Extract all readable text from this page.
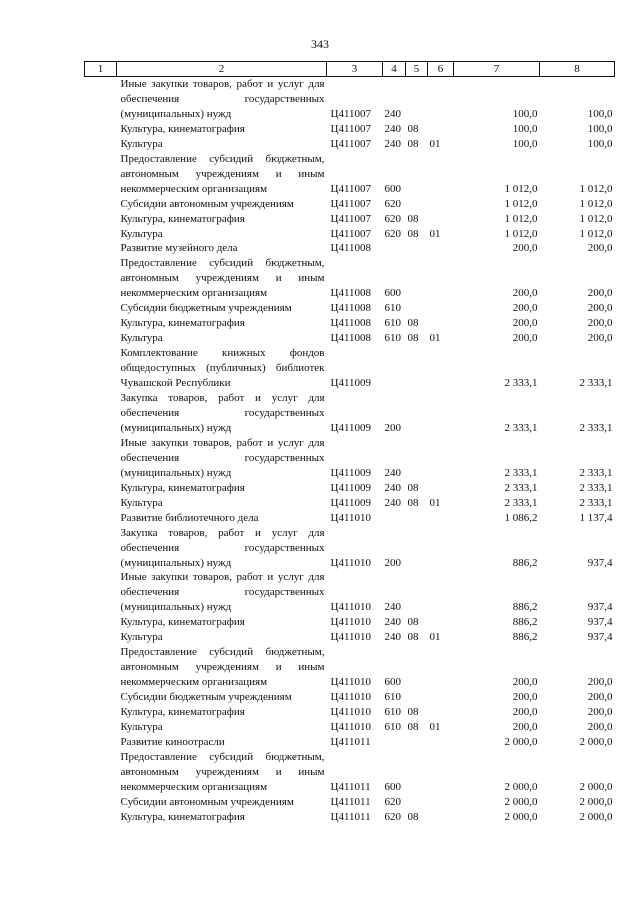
343
1	2	3	4	5	6	7	8
	Иные закупки товаров, работ и услуг для обеспечения государственных (муниципальных) нужд	Ц411007	240			100,0	100,0
	Культура, кинематография	Ц411007	240	08		100,0	100,0
	Культура	Ц411007	240	08	01	100,0	100,0
	Предоставление субсидий бюджетным, автономным учреждениям и иным некоммерческим организациям	Ц411007	600			1 012,0	1 012,0
	Субсидии автономным учреждениям	Ц411007	620			1 012,0	1 012,0
	Культура, кинематография	Ц411007	620	08		1 012,0	1 012,0
	Культура	Ц411007	620	08	01	1 012,0	1 012,0
	Развитие музейного дела	Ц411008				200,0	200,0
	Предоставление субсидий бюджетным, автономным учреждениям и иным некоммерческим организациям	Ц411008	600			200,0	200,0
	Субсидии бюджетным учреждениям	Ц411008	610			200,0	200,0
	Культура, кинематография	Ц411008	610	08		200,0	200,0
	Культура	Ц411008	610	08	01	200,0	200,0
	Комплектование книжных фондов общедоступных (публичных) библиотек Чувашской Республики	Ц411009				2 333,1	2 333,1
	Закупка товаров, работ и услуг для обеспечения государственных (муниципальных) нужд	Ц411009	200			2 333,1	2 333,1
	Иные закупки товаров, работ и услуг для обеспечения государственных (муниципальных) нужд	Ц411009	240			2 333,1	2 333,1
	Культура, кинематография	Ц411009	240	08		2 333,1	2 333,1
	Культура	Ц411009	240	08	01	2 333,1	2 333,1
	Развитие библиотечного дела	Ц411010				1 086,2	1 137,4
	Закупка товаров, работ и услуг для обеспечения государственных (муниципальных) нужд	Ц411010	200			886,2	937,4
	Иные закупки товаров, работ и услуг для обеспечения государственных (муниципальных) нужд	Ц411010	240			886,2	937,4
	Культура, кинематография	Ц411010	240	08		886,2	937,4
	Культура	Ц411010	240	08	01	886,2	937,4
	Предоставление субсидий бюджетным, автономным учреждениям и иным некоммерческим организациям	Ц411010	600			200,0	200,0
	Субсидии бюджетным учреждениям	Ц411010	610			200,0	200,0
	Культура, кинематография	Ц411010	610	08		200,0	200,0
	Культура	Ц411010	610	08	01	200,0	200,0
	Развитие киноотрасли	Ц411011				2 000,0	2 000,0
	Предоставление субсидий бюджетным, автономным учреждениям и иным некоммерческим организациям	Ц411011	600			2 000,0	2 000,0
	Субсидии автономным учреждениям	Ц411011	620			2 000,0	2 000,0
	Культура, кинематография	Ц411011	620	08		2 000,0	2 000,0
